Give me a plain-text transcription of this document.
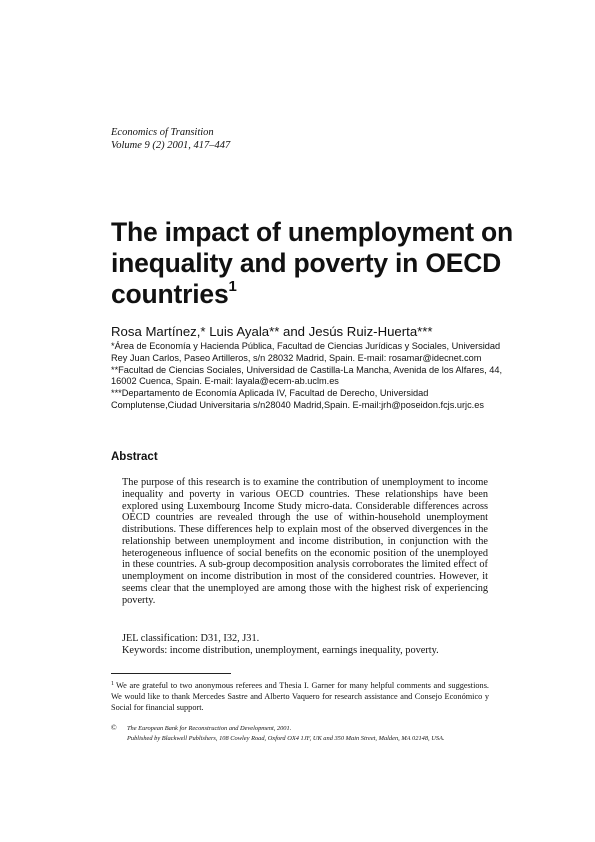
Economics of Transition
Volume 9 (2) 2001, 417–447
The impact of unemployment on inequality and poverty in OECD countries$^1$
Rosa Martínez,* Luis Ayala** and Jesús Ruiz-Huerta***

*Área de Economía y Hacienda Pública, Facultad de Ciencias Jurídicas y Sociales, Universidad Rey Juan Carlos, Paseo Artilleros, s/n 28032 Madrid, Spain. E-mail: rosamar@idecnet.com

**Facultad de Ciencias Sociales, Universidad de Castilla-La Mancha, Avenida de los Alfares, 44, 16002 Cuenca, Spain. E-mail: layala@ecem-ab.uclm.es

***Departamento de Economía Aplicada IV, Facultad de Derecho, Universidad Complutense,Ciudad Universitaria s/n28040 Madrid,Spain. E-mail:jrh@poseidon.fcjs.urjc.es

Abstract

The purpose of this research is to examine the contribution of unemployment to income inequality and poverty in various OECD countries. These relationships have been explored using Luxembourg Income Study micro-data. Considerable differences across OECD countries are revealed through the use of within-household unemployment distributions. These differences help to explain most of the observed divergences in the relationship between unemployment and income distribution, in conjunction with the heterogeneous influence of social benefits on the economic position of the unemployed in these countries. A sub-group decomposition analysis corroborates the limited effect of unemployment on income distribution in most of the considered countries. However, it seems clear that the unemployed are among those with the highest risk of experiencing poverty.

JEL classification: D31, I32, J31.

Keywords: income distribution, unemployment, earnings inequality, poverty.

$^1$ We are grateful to two anonymous referees and Thesia I. Garner for many helpful comments and suggestions. We would like to thank Mercedes Sastre and Alberto Vaquero for research assistance and Consejo Económico y Social for financial support.
© The European Bank for Reconstruction and Development, 2001.
Published by Blackwell Publishers, 108 Cowley Road, Oxford OX4 1JF, UK and 350 Main Street, Malden, MA 02148, USA.
